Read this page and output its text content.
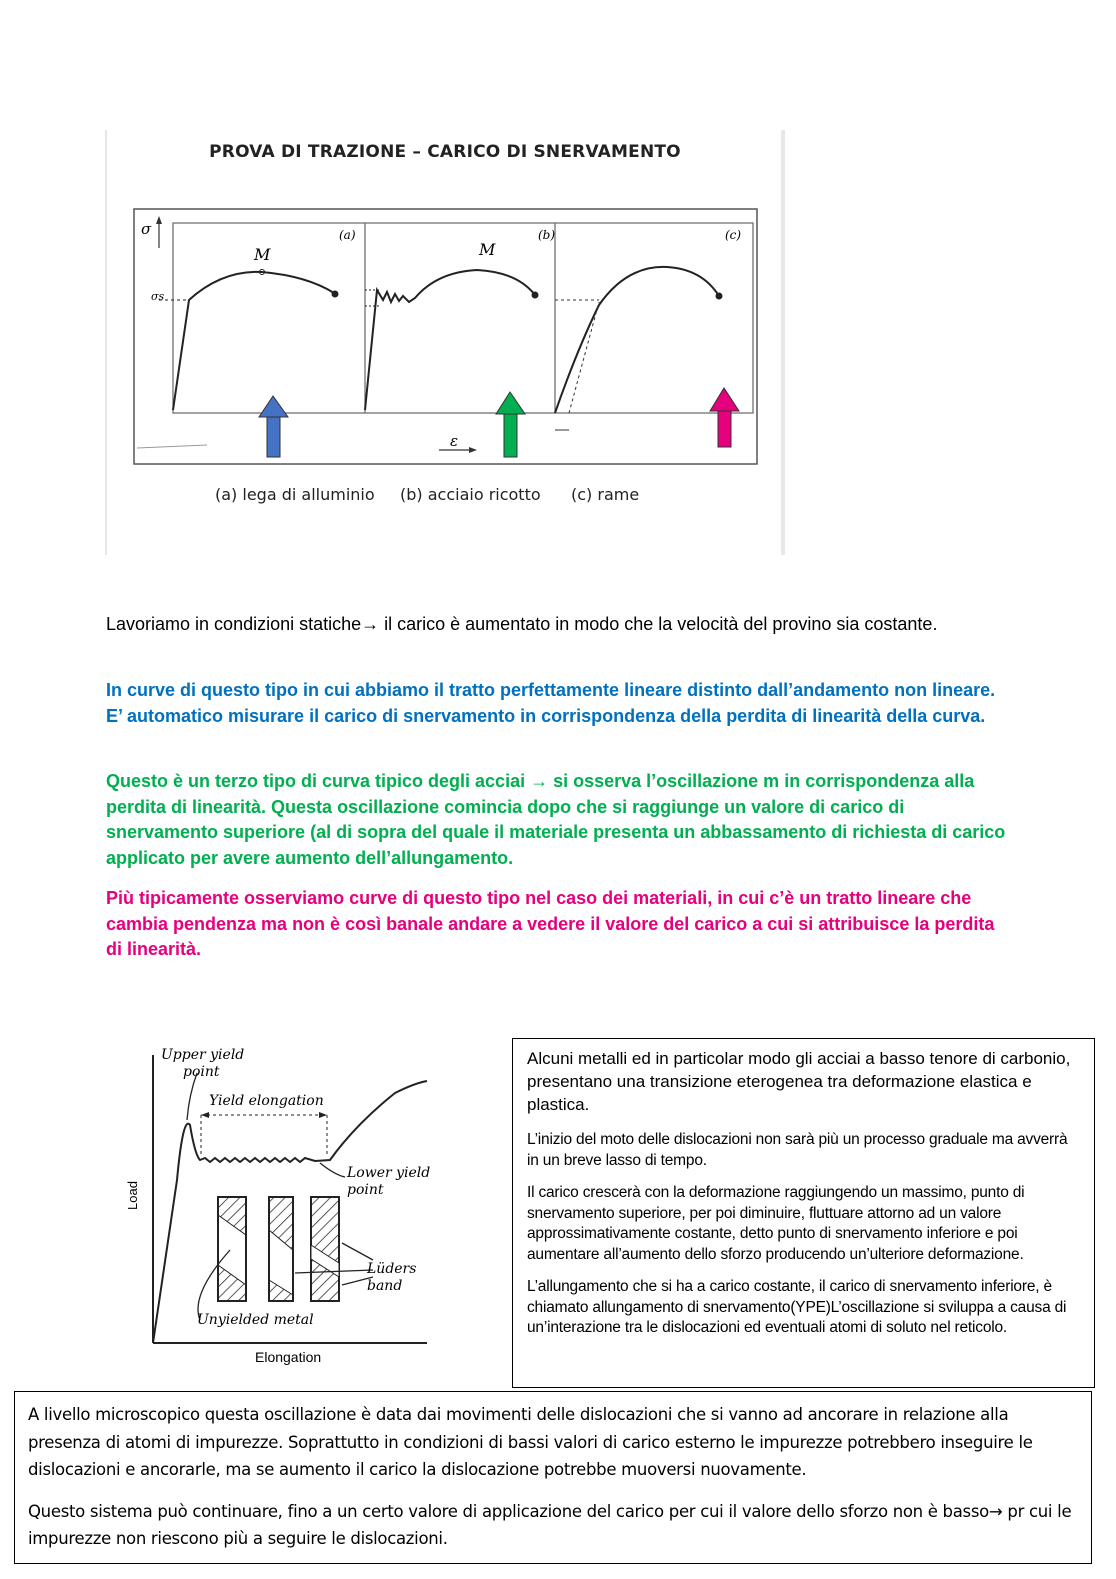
PROVA DI TRAZIONE – CARICO DI SNERVAMENTO
σ
M	M
σs
(a)	(b)	(c)
ε
(a) lega di alluminio (b) acciaio ricotto (c) rame
Lavoriamo in condizioni statiche→ il carico è aumentato in modo che la velocità del provino sia costante.
In curve di questo tipo in cui abbiamo il tratto perfettamente lineare distinto dall’andamento non lineare. E’ automatico misurare il carico di snervamento in corrispondenza della perdita di linearità della curva.
Questo è un terzo tipo di curva tipico degli acciai → si osserva l’oscillazione m in corrispondenza alla perdita di linearità. Questa oscillazione comincia dopo che si raggiunge un valore di carico di snervamento superiore (al di sopra del quale il materiale presenta un abbassamento di richiesta di carico applicato per avere aumento dell’allungamento.
Più tipicamente osserviamo curve di questo tipo nel caso dei materiali, in cui c’è un tratto lineare che cambia pendenza ma non è così banale andare a vedere il valore del carico a cui si attribuisce la perdita di linearità.
Upper yield
point
Yield elongation
Lower yield
point
Lüders
band
Unyielded metal
Load
Elongation

Alcuni metalli ed in particolar modo gli acciai a basso tenore di carbonio, presentano una transizione eterogenea tra deformazione elastica e plastica.

L’inizio del moto delle dislocazioni non sarà più un processo graduale ma avverrà in un breve lasso di tempo.

Il carico crescerà con la deformazione raggiungendo un massimo, punto di snervamento superiore, per poi diminuire, fluttuare attorno ad un valore approssimativamente costante, detto punto di snervamento inferiore e poi aumentare all’aumento dello sforzo producendo un’ulteriore deformazione.

L’allungamento che si ha a carico costante, il carico di snervamento inferiore, è chiamato allungamento di snervamento(YPE)L’oscillazione si sviluppa a causa di un’interazione tra le dislocazioni ed eventuali atomi di soluto nel reticolo.

A livello microscopico questa oscillazione è data dai movimenti delle dislocazioni che si vanno ad ancorare in relazione alla presenza di atomi di impurezze. Soprattutto in condizioni di bassi valori di carico esterno le impurezze potrebbero inseguire le dislocazioni e ancorarle, ma se aumento il carico la dislocazione potrebbe muoversi nuovamente.

Questo sistema può continuare, fino a un certo valore di applicazione del carico per cui il valore dello sforzo non è basso→ pr cui le impurezze non riescono più a seguire le dislocazioni.
